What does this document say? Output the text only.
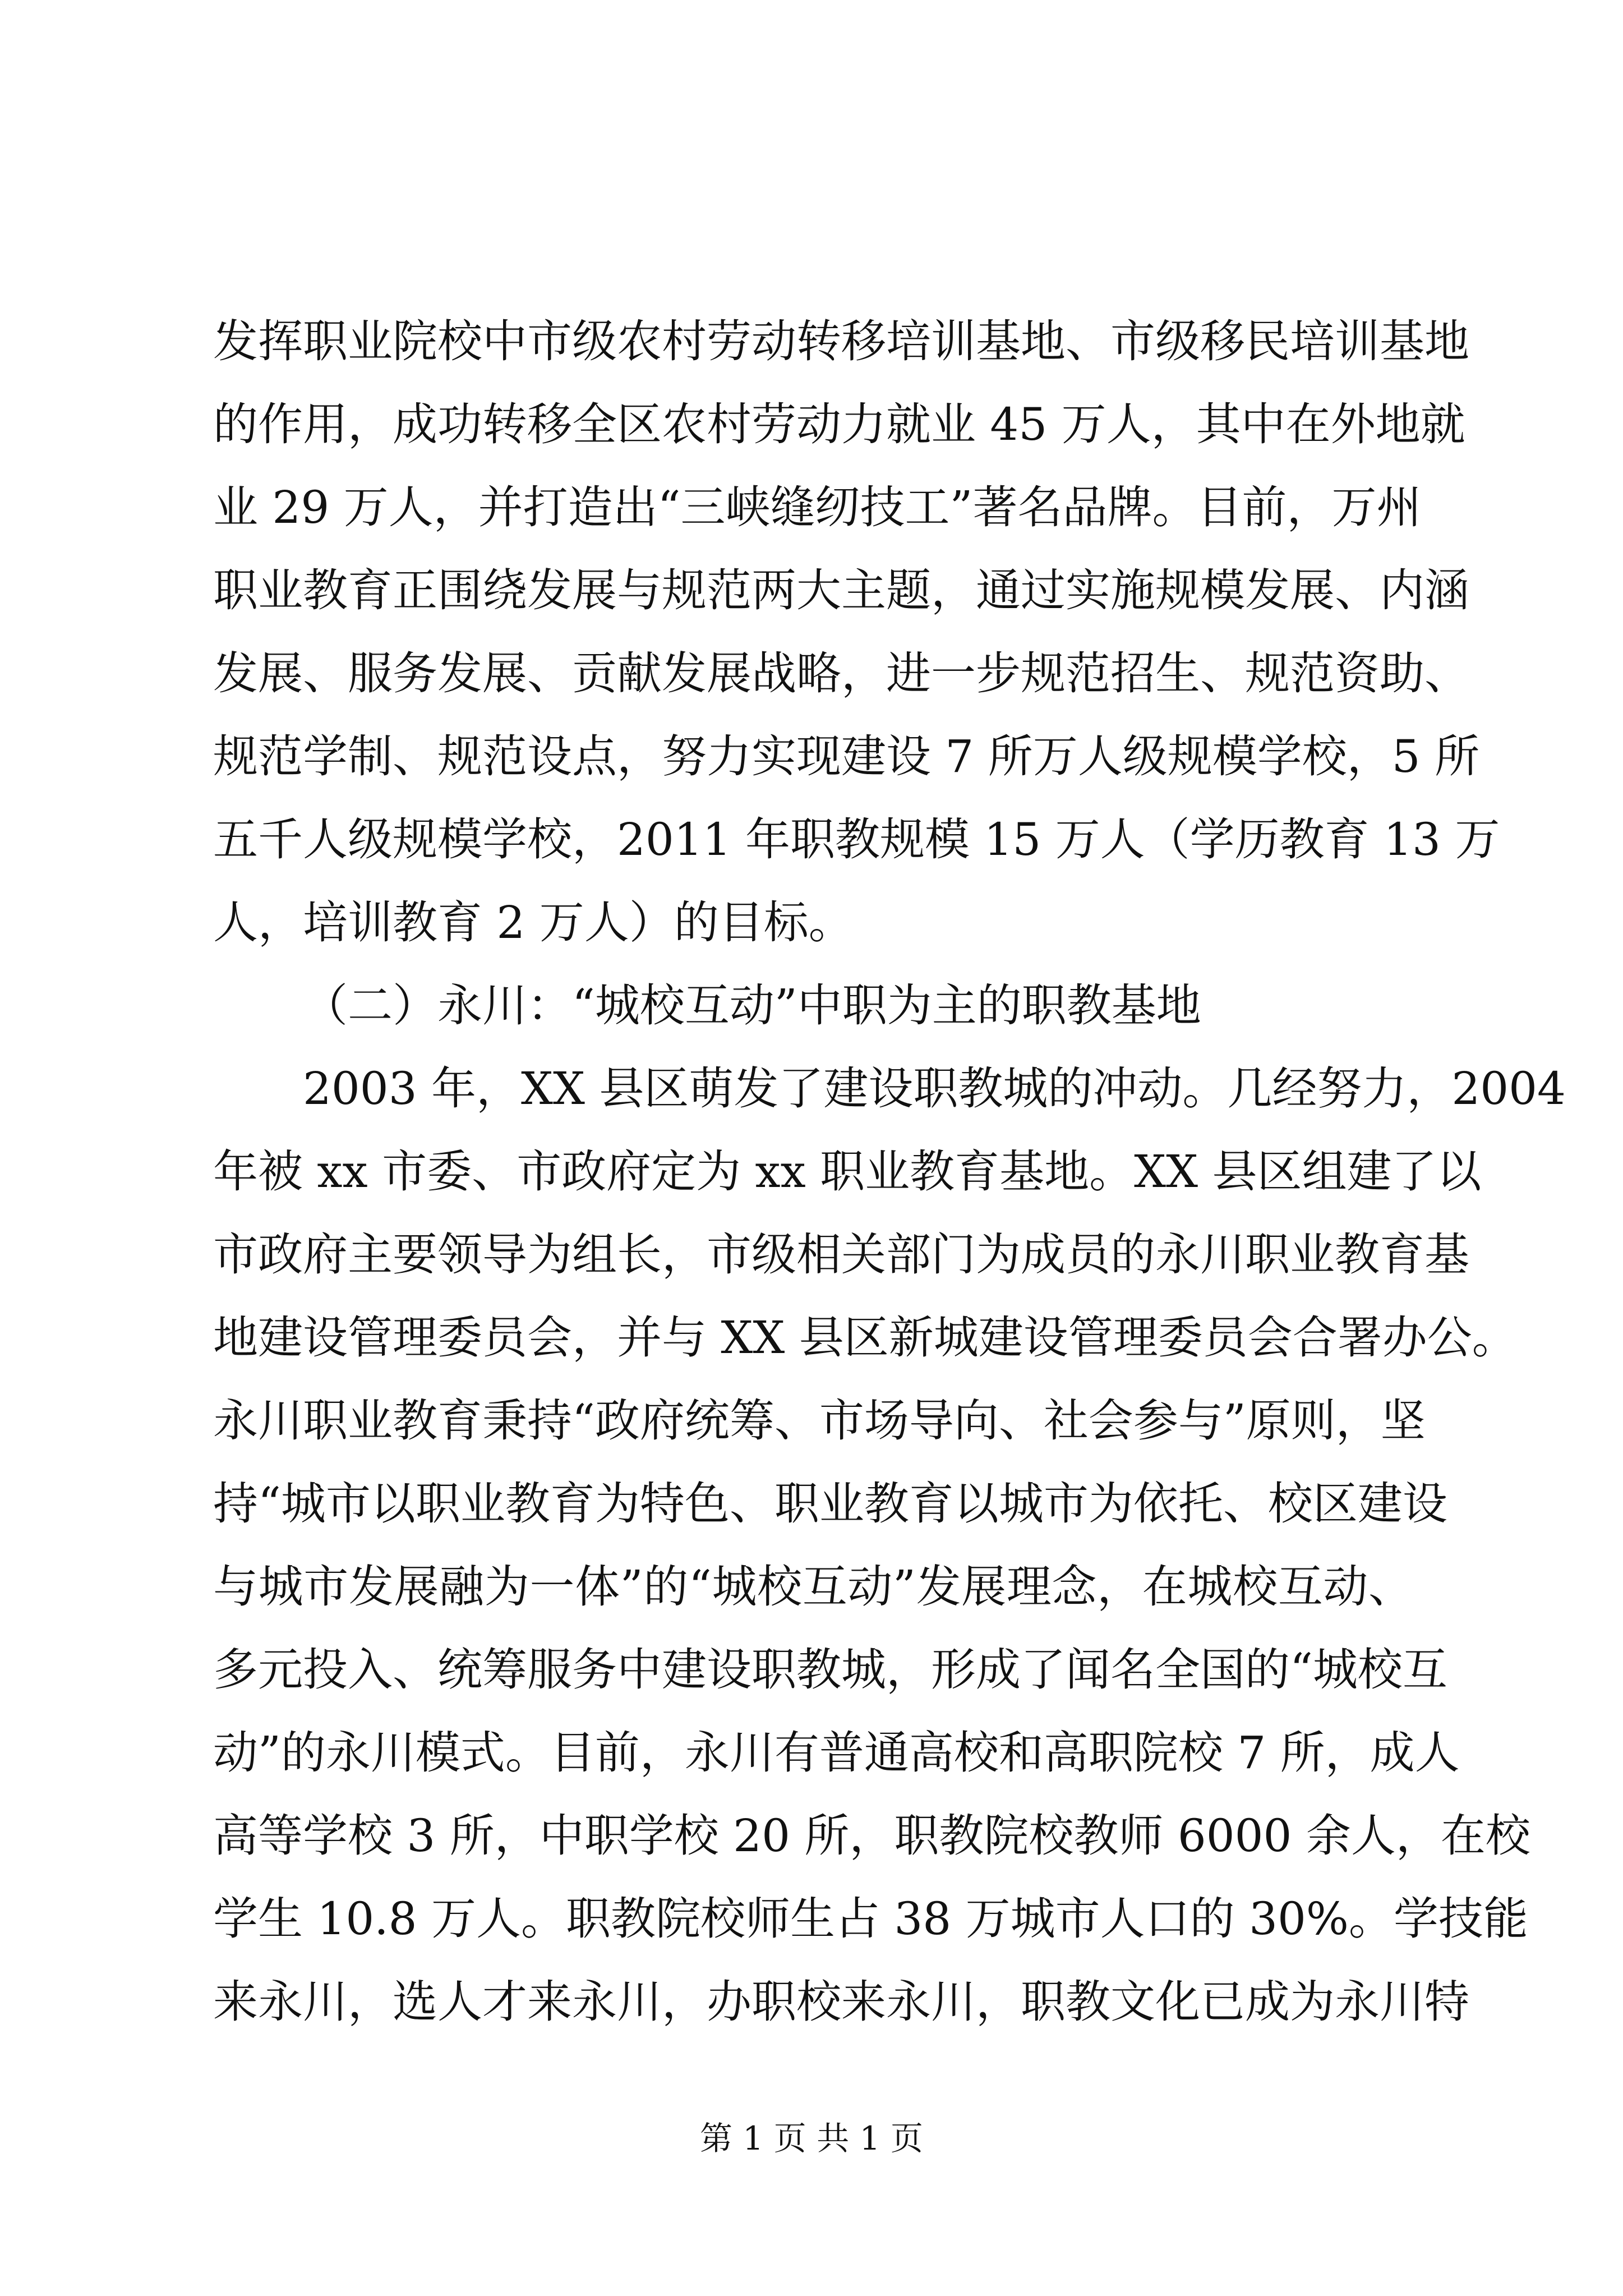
发挥职业院校中市级农村劳动转移培训基地、市级移民培训基地
的作用，成功转移全区农村劳动力就业 45 万人，其中在外地就
业 29 万人，并打造出“三峡缝纫技工”著名品牌。目前，万州
职业教育正围绕发展与规范两大主题，通过实施规模发展、内涵
发展、服务发展、贡献发展战略，进一步规范招生、规范资助、
规范学制、规范设点，努力实现建设 7 所万人级规模学校，5 所
五千人级规模学校，2011 年职教规模 15 万人（学历教育 13 万
人，培训教育 2 万人）的目标。
（二）永川：“城校互动”中职为主的职教基地
2003 年，XX 县区萌发了建设职教城的冲动。几经努力，2004
年被 xx 市委、市政府定为 xx 职业教育基地。XX 县区组建了以
市政府主要领导为组长，市级相关部门为成员的永川职业教育基
地建设管理委员会，并与 XX 县区新城建设管理委员会合署办公。
永川职业教育秉持“政府统筹、市场导向、社会参与”原则，坚
持“城市以职业教育为特色、职业教育以城市为依托、校区建设
与城市发展融为一体”的“城校互动”发展理念，在城校互动、
多元投入、统筹服务中建设职教城，形成了闻名全国的“城校互
动”的永川模式。目前，永川有普通高校和高职院校 7 所，成人
高等学校 3 所，中职学校 20 所，职教院校教师 6000 余人，在校
学生 10.8 万人。职教院校师生占 38 万城市人口的 30%。学技能
来永川，选人才来永川，办职校来永川，职教文化已成为永川特
第 1 页 共 1 页
